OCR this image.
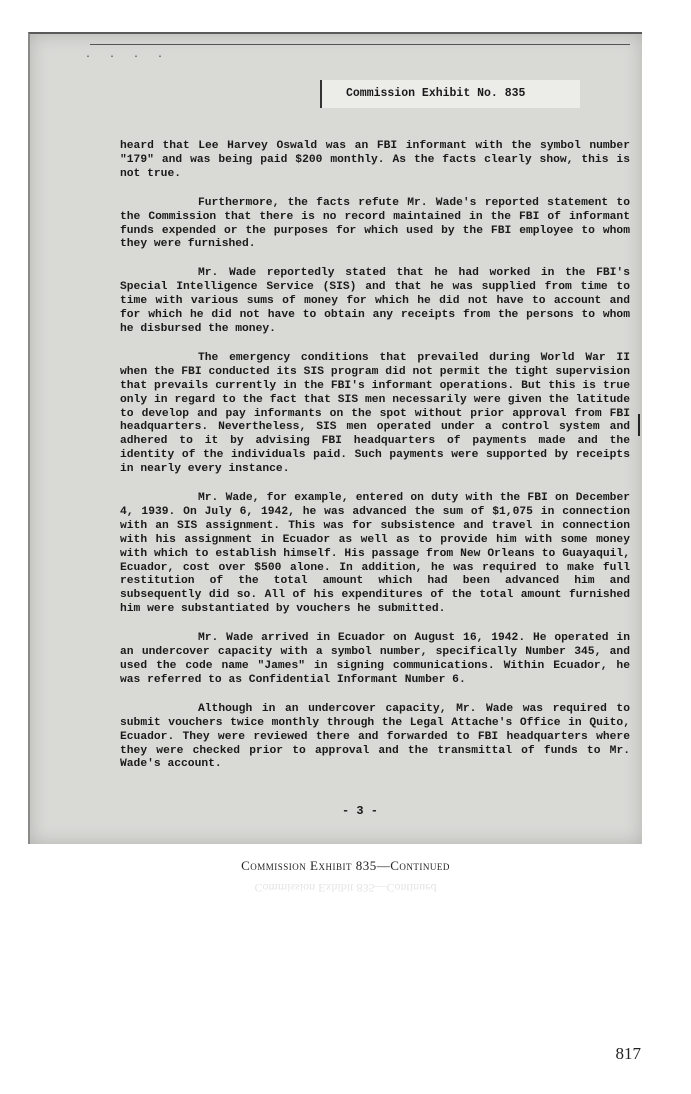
· · · ·
Commission Exhibit No. 835

heard that Lee Harvey Oswald was an FBI informant with the symbol number "179" and was being paid $200 monthly. As the facts clearly show, this is not true.

Furthermore, the facts refute Mr. Wade's reported statement to the Commission that there is no record maintained in the FBI of informant funds expended or the purposes for which used by the FBI employee to whom they were furnished.

Mr. Wade reportedly stated that he had worked in the FBI's Special Intelligence Service (SIS) and that he was supplied from time to time with various sums of money for which he did not have to account and for which he did not have to obtain any receipts from the persons to whom he disbursed the money.

The emergency conditions that prevailed during World War II when the FBI conducted its SIS program did not permit the tight supervision that prevails currently in the FBI's informant operations. But this is true only in regard to the fact that SIS men necessarily were given the latitude to develop and pay informants on the spot without prior approval from FBI headquarters. Nevertheless, SIS men operated under a control system and adhered to it by advising FBI headquarters of payments made and the identity of the individuals paid. Such payments were supported by receipts in nearly every instance.

Mr. Wade, for example, entered on duty with the FBI on December 4, 1939. On July 6, 1942, he was advanced the sum of $1,075 in connection with an SIS assignment. This was for subsistence and travel in connection with his assignment in Ecuador as well as to provide him with some money with which to establish himself. His passage from New Orleans to Guayaquil, Ecuador, cost over $500 alone. In addition, he was required to make full restitution of the total amount which had been advanced him and subsequently did so. All of his expenditures of the total amount furnished him were substantiated by vouchers he submitted.

Mr. Wade arrived in Ecuador on August 16, 1942. He operated in an undercover capacity with a symbol number, specifically Number 345, and used the code name "James" in signing communications. Within Ecuador, he was referred to as Confidential Informant Number 6.

Although in an undercover capacity, Mr. Wade was required to submit vouchers twice monthly through the Legal Attache's Office in Quito, Ecuador. They were reviewed there and forwarded to FBI headquarters where they were checked prior to approval and the transmittal of funds to Mr. Wade's account.

- 3 -
Commission Exhibit 835—Continued
Commission Exhibit 835—Continued
817
